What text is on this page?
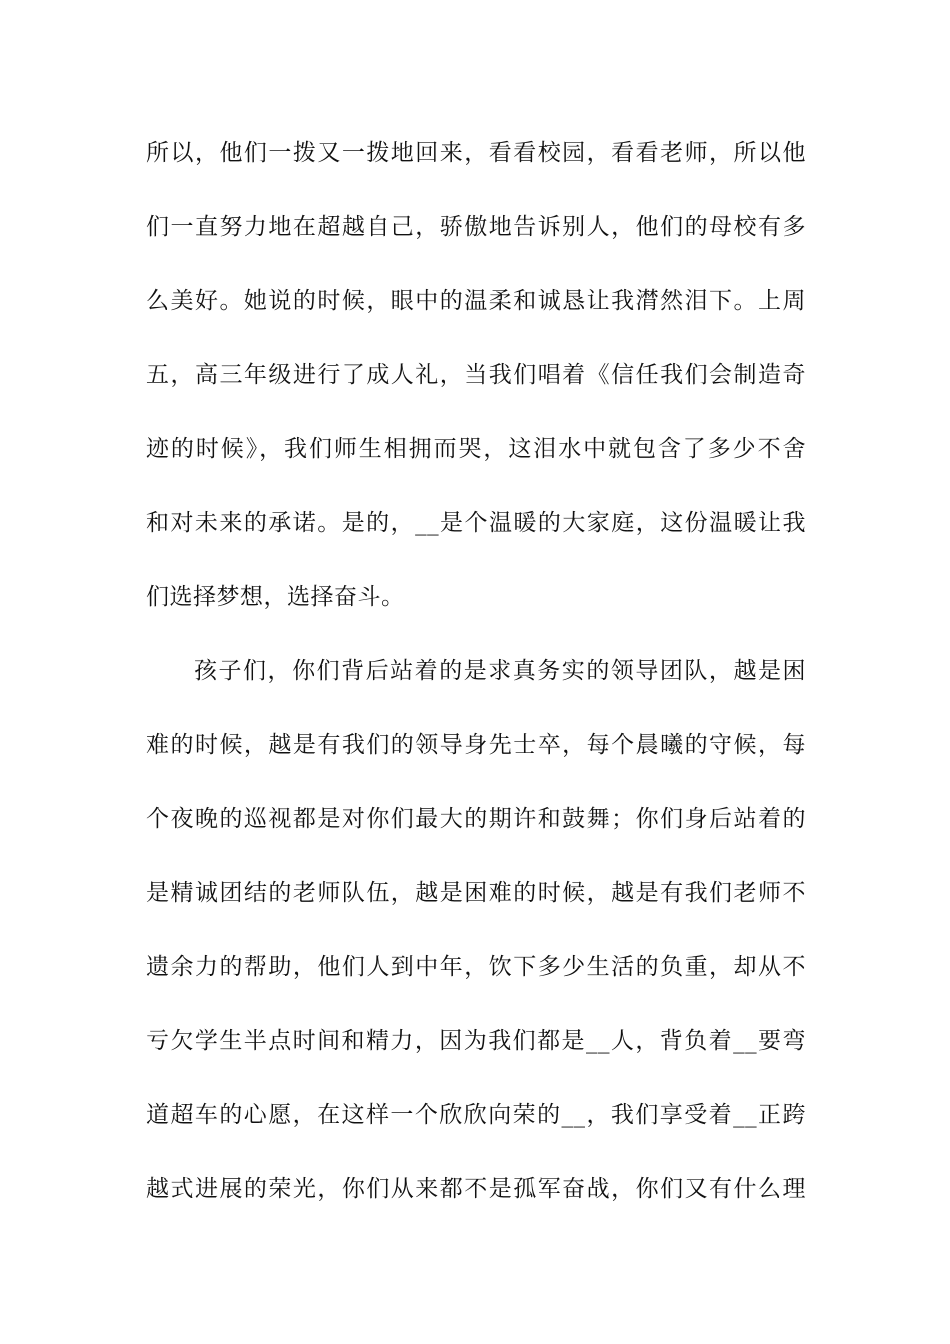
所以，他们一拨又一拨地回来，看看校园，看看老师，所以他
们一直努力地在超越自己，骄傲地告诉别人，他们的母校有多
么美好。她说的时候，眼中的温柔和诚恳让我潸然泪下。上周
五，高三年级进行了成人礼，当我们唱着《信任我们会制造奇
迹的时候》，我们师生相拥而哭，这泪水中就包含了多少不舍
和对未来的承诺。是的，__是个温暖的大家庭，这份温暖让我
们选择梦想，选择奋斗。
孩子们，你们背后站着的是求真务实的领导团队，越是困
难的时候，越是有我们的领导身先士卒，每个晨曦的守候，每
个夜晚的巡视都是对你们最大的期许和鼓舞；你们身后站着的
是精诚团结的老师队伍，越是困难的时候，越是有我们老师不
遗余力的帮助，他们人到中年，饮下多少生活的负重，却从不
亏欠学生半点时间和精力，因为我们都是__人，背负着__要弯
道超车的心愿，在这样一个欣欣向荣的__，我们享受着__正跨
越式进展的荣光，你们从来都不是孤军奋战，你们又有什么理
